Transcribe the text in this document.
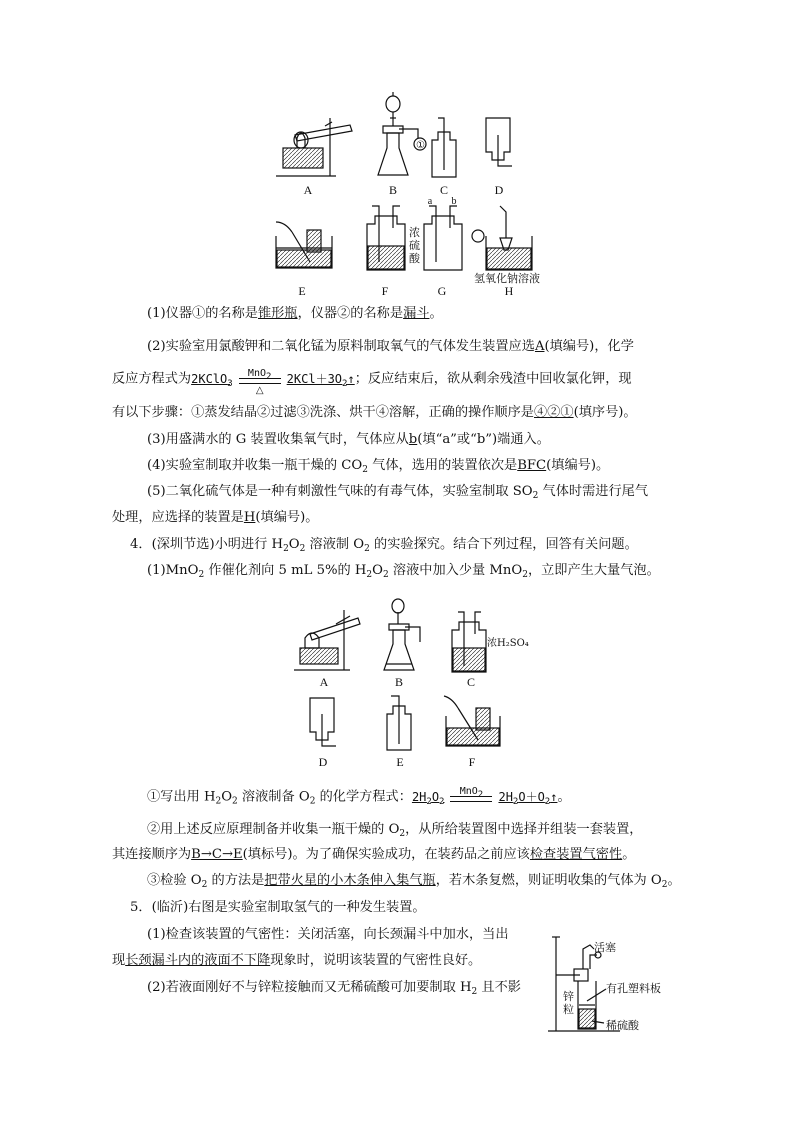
①
A	B	C	D
E	F	G	H
a	b
浓
硫
酸
氢氧化钠溶液
(1)仪器①的名称是锥形瓶，仪器②的名称是漏斗。
(2)实验室用氯酸钾和二氧化锰为原料制取氧气的气体发生装置应选A(填编号)，化学
反应方程式为2KClO$_3$
MnO2
△
$2KCl+3O_2↑$；反应结束后，欲从剩余残渣中回收氯化钾，现
有以下步骤：①蒸发结晶②过滤③洗涤、烘干④溶解，正确的操作顺序是④②①(填序号)。
(3)用盛满水的 G 装置收集氧气时，气体应从b(填“a”或“b”)端通入。
(4)实验室制取并收集一瓶干燥的 $CO_2$ 气体，选用的装置依次是BFC(填编号)。
(5)二氧化硫气体是一种有刺激性气味的有毒气体，实验室制取 $SO_2$ 气体时需进行尾气
处理，应选择的装置是H(填编号)。
4．(深圳节选)小明进行 $H_2O_2$ 溶液制 $O_2$ 的实验探究。结合下列过程，回答有关问题。
(1)MnO$_2$ 作催化剂向 5 mL 5%的 $H_2O_2$ 溶液中加入少量 MnO$_2$，立即产生大量气泡。
浓H₂SO₄
A	B	C
D	E	F
①写出用 $H_2O_2$ 溶液制备 $O_2$ 的化学方程式：$2H_2O_2$
MnO2	$2H_2O+O_2↑$。
②用上述反应原理制备并收集一瓶干燥的 $O_2$，从所给装置图中选择并组装一套装置，
其连接顺序为B→C→E(填标号)。为了确保实验成功，在装药品之前应该检查装置气密性。
③检验 $O_2$ 的方法是把带火星的小木条伸入集气瓶，若木条复燃，则证明收集的气体为 $O_2$。
5．(临沂)右图是实验室制取氢气的一种发生装置。
(1)检查该装置的气密性：关闭活塞，向长颈漏斗中加水，当出
现长颈漏斗内的液面不下降现象时，说明该装置的气密性良好。
(2)若液面刚好不与锌粒接触而又无稀硫酸可加要制取 $H_2$ 且不影
活塞
有孔塑料板
稀硫酸
锌粒
